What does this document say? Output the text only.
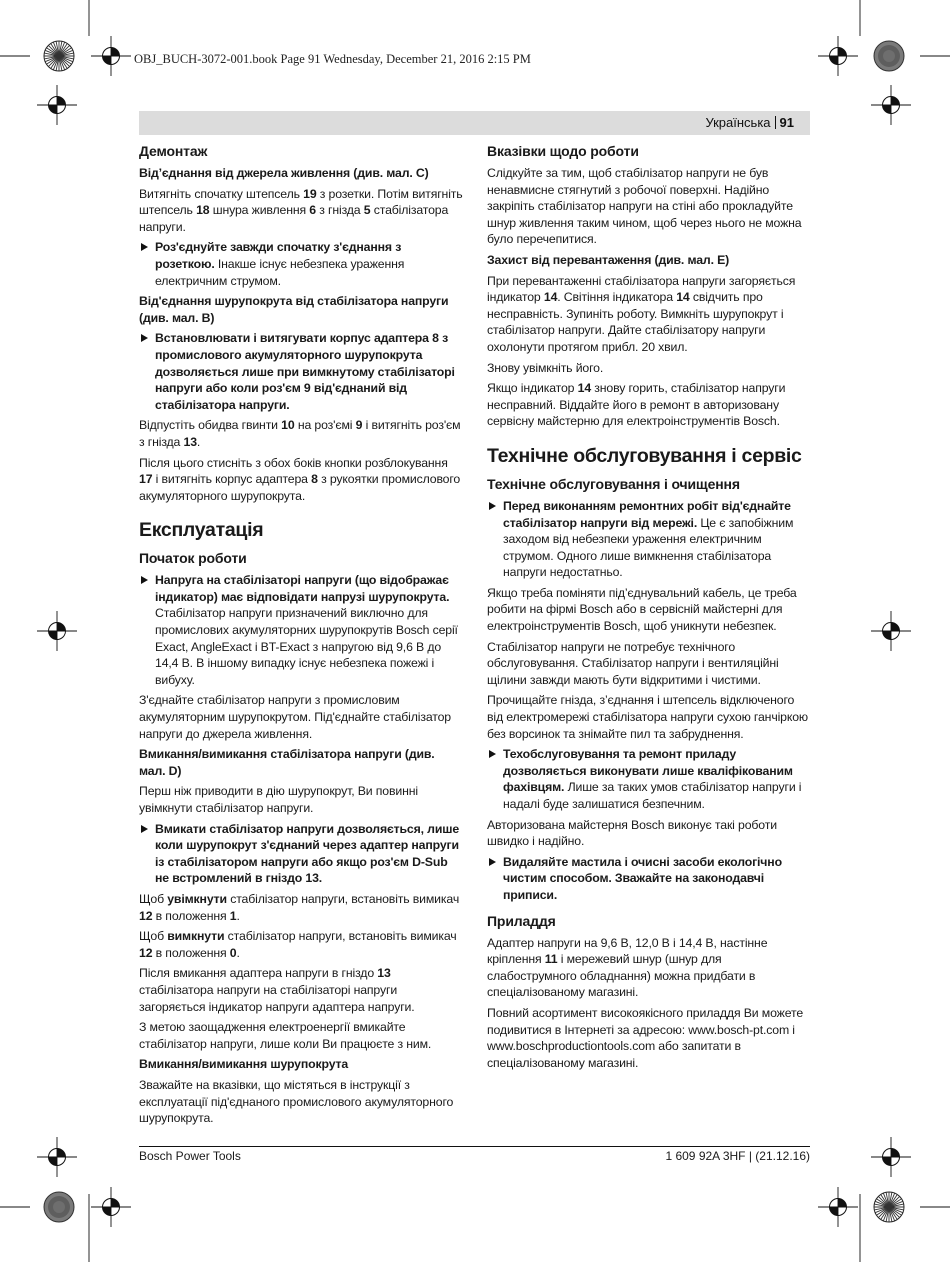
OBJ_BUCH-3072-001.book Page 91 Wednesday, December 21, 2016 2:15 PM
Українська 91
Демонтаж
Від’єднання від джерела живлення (див. мал. С)

Витягніть спочатку штепсель 19 з розетки. Потім витягніть штепсель 18 шнура живлення 6 з гнізда 5 стабілізатора напруги.

Роз'єднуйте завжди спочатку з'єднання з розеткою. Інакше існує небезпека ураження електричним струмом.
Від'єднання шурупокрута від стабілізатора напруги (див. мал. B)
Встановлювати і витягувати корпус адаптера 8 з промислового акумуляторного шурупокрута дозволяється лише при вимкнутому стабілізаторі напруги або коли роз'єм 9 від'єднаний від стабілізатора напруги.

Відпустіть обидва гвинти 10 на роз'ємі 9 і витягніть роз'єм з гнізда 13.

Після цього стисніть з обох боків кнопки розблокування 17 і витягніть корпус адаптера 8 з рукоятки промислового акумуляторного шурупокрута.

Експлуатація
Початок роботи
Напруга на стабілізаторі напруги (що відображає індикатор) має відповідати напрузі шурупокрута. Стабілізатор напруги призначений виключно для промислових акумуляторних шурупокрутів Bosch серії Exact, AngleExact і BT-Exact з напругою від 9,6 В до 14,4 В. В іншому випадку існує небезпека пожежі і вибуху.

З'єднайте стабілізатор напруги з промисловим акумуляторним шурупокрутом. Під'єднайте стабілізатор напруги до джерела живлення.

Вмикання/вимикання стабілізатора напруги (див. мал. D)

Перш ніж приводити в дію шурупокрут, Ви повинні увімкнути стабілізатор напруги.

Вмикати стабілізатор напруги дозволяється, лише коли шурупокрут з'єднаний через адаптер напруги із стабілізатором напруги або якщо роз'єм D-Sub не встромлений в гніздо 13.

Щоб увімкнути стабілізатор напруги, встановіть вимикач 12 в положення 1.

Щоб вимкнути стабілізатор напруги, встановіть вимикач 12 в положення 0.

Після вмикання адаптера напруги в гніздо 13 стабілізатора напруги на стабілізаторі напруги загоряється індикатор напруги адаптера напруги.

З метою заощадження електроенергії вмикайте стабілізатор напруги, лише коли Ви працюєте з ним.

Вмикання/вимикання шурупокрута

Зважайте на вказівки, що містяться в інструкції з експлуатації під'єднаного промислового акумуляторного шурупокрута.

Вказівки щодо роботи

Слідкуйте за тим, щоб стабілізатор напруги не був ненавмисне стягнутий з робочої поверхні. Надійно закріпіть стабілізатор напруги на стіні або прокладуйте шнур живлення таким чином, щоб через нього не можна було перечепитися.

Захист від перевантаження (див. мал. E)

При перевантаженні стабілізатора напруги загоряється індикатор 14. Світіння індикатора 14 свідчить про несправність. Зупиніть роботу. Вимкніть шурупокрут і стабілізатор напруги. Дайте стабілізатору напруги охолонути протягом прибл. 20 хвил.

Знову увімкніть його.

Якщо індикатор 14 знову горить, стабілізатор напруги несправний. Віддайте його в ремонт в авторизовану сервісну майстерню для електроінструментів Bosch.

Технічне обслуговування і сервіс
Технічне обслуговування і очищення
Перед виконанням ремонтних робіт від'єднайте стабілізатор напруги від мережі. Це є запобіжним заходом від небезпеки ураження електричним струмом. Одного лише вимкнення стабілізатора напруги недостатньо.

Якщо треба поміняти під’єднувальний кабель, це треба робити на фірмі Bosch або в сервісній майстерні для електроінструментів Bosch, щоб уникнути небезпек.

Стабілізатор напруги не потребує технічного обслуговування. Стабілізатор напруги і вентиляційні щілини завжди мають бути відкритими і чистими.

Прочищайте гнізда, з’єднання і штепсель відключеного від електромережі стабілізатора напруги сухою ганчіркою без ворсинок та знімайте пил та забруднення.

Техобслуговування та ремонт приладу дозволяється виконувати лише кваліфікованим фахівцям. Лише за таких умов стабілізатор напруги і надалі буде залишатися безпечним.

Авторизована майстерня Bosch виконує такі роботи швидко і надійно.

Видаляйте мастила і очисні засоби екологічно чистим способом. Зважайте на законодавчі приписи.
Приладдя

Адаптер напруги на 9,6 В, 12,0 В і 14,4 В, настінне кріплення 11 і мережевий шнур (шнур для слабострумного обладнання) можна придбати в спеціалізованому магазині.

Повний асортимент високоякісного приладдя Ви можете подивитися в Інтернеті за адресою: www.bosch-pt.com і www.boschproductiontools.com або запитати в спеціалізованому магазині.

Bosch Power Tools	1 609 92A 3HF | (21.12.16)
